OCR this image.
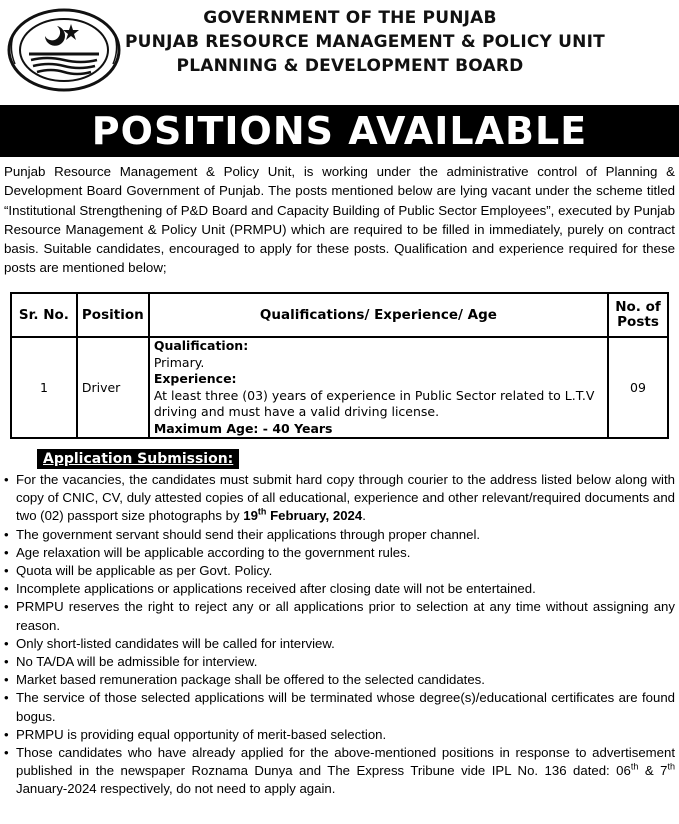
GOVERNMENT OF THE PUNJAB
PUNJAB RESOURCE MANAGEMENT & POLICY UNIT
PLANNING & DEVELOPMENT BOARD
POSITIONS AVAILABLE
Punjab Resource Management & Policy Unit, is working under the administrative control of Planning & Development Board Government of Punjab. The posts mentioned below are lying vacant under the scheme titled “Institutional Strengthening of P&D Board and Capacity Building of Public Sector Employees”, executed by Punjab Resource Management & Policy Unit (PRMPU) which are required to be filled in immediately, purely on contract basis. Suitable candidates, encouraged to apply for these posts. Qualification and experience required for these posts are mentioned below;
Sr. No.	Position	Qualifications/ Experience/ Age	No. of Posts
1	Driver	Qualification:
Primary.
Experience:
At least three (03) years of experience in Public Sector related to L.T.V driving and must have a valid driving license.
Maximum Age: - 40 Years	09
Application Submission:
• For the vacancies, the candidates must submit hard copy through courier to the address listed below along with copy of CNIC, CV, duly attested copies of all educational, experience and other relevant/required documents and two (02) passport size photographs by 19th February, 2024.
• The government servant should send their applications through proper channel.
• Age relaxation will be applicable according to the government rules.
• Quota will be applicable as per Govt. Policy.
• Incomplete applications or applications received after closing date will not be entertained.
• PRMPU reserves the right to reject any or all applications prior to selection at any time without assigning any reason.
• Only short-listed candidates will be called for interview.
• No TA/DA will be admissible for interview.
• Market based remuneration package shall be offered to the selected candidates.
• The service of those selected applications will be terminated whose degree(s)/educational certificates are found bogus.
• PRMPU is providing equal opportunity of merit-based selection.
• Those candidates who have already applied for the above-mentioned positions in response to advertisement published in the newspaper Roznama Dunya and The Express Tribune vide IPL No. 136 dated: 06th & 7th January-2024 respectively, do not need to apply again.
